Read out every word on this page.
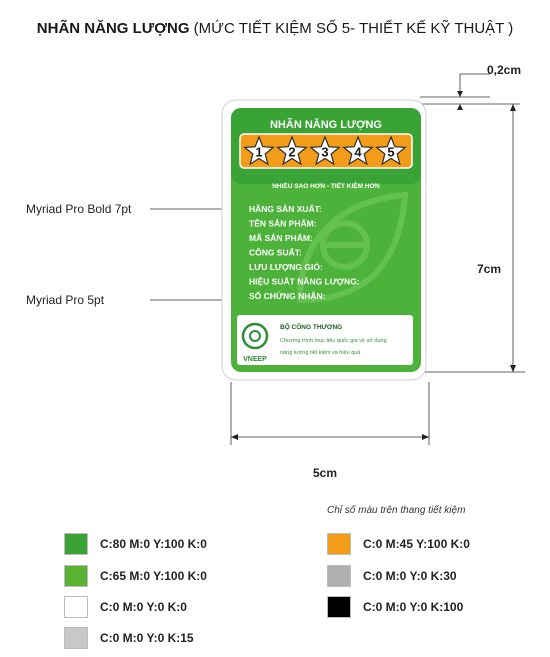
NHÃN NĂNG LƯỢNG (MỨC TIẾT KIỆM SỐ 5- THIẾT KẾ KỸ THUẬT )
NHÃN NĂNG LƯỢNG
1 2 3 4 5
NHIỀU SAO HƠN - TIẾT KIỆM HƠN
HÃNG SẢN XUẤT:
TÊN SẢN PHẨM:
MÃ SẢN PHẨM:
CÔNG SUẤT:
LƯU LƯỢNG GIÓ:
HIỆU SUẤT NĂNG LƯỢNG:
SỐ CHỨNG NHẬN:
VNEEP
BỘ CÔNG THƯƠNG
Chương trình mục tiêu quốc gia về sử dụng
năng lượng tiết kiệm và hiệu quả
Myriad Pro Bold 7pt
Myriad Pro 5pt
0,2cm
7cm
5cm
Chỉ số màu trên thang tiết kiệm
C:80 M:0 Y:100 K:0
C:65 M:0 Y:100 K:0
C:0 M:0 Y:0 K:0
C:0 M:0 Y:0 K:15
C:0 M:45 Y:100 K:0
C:0 M:0 Y:0 K:30
C:0 M:0 Y:0 K:100
